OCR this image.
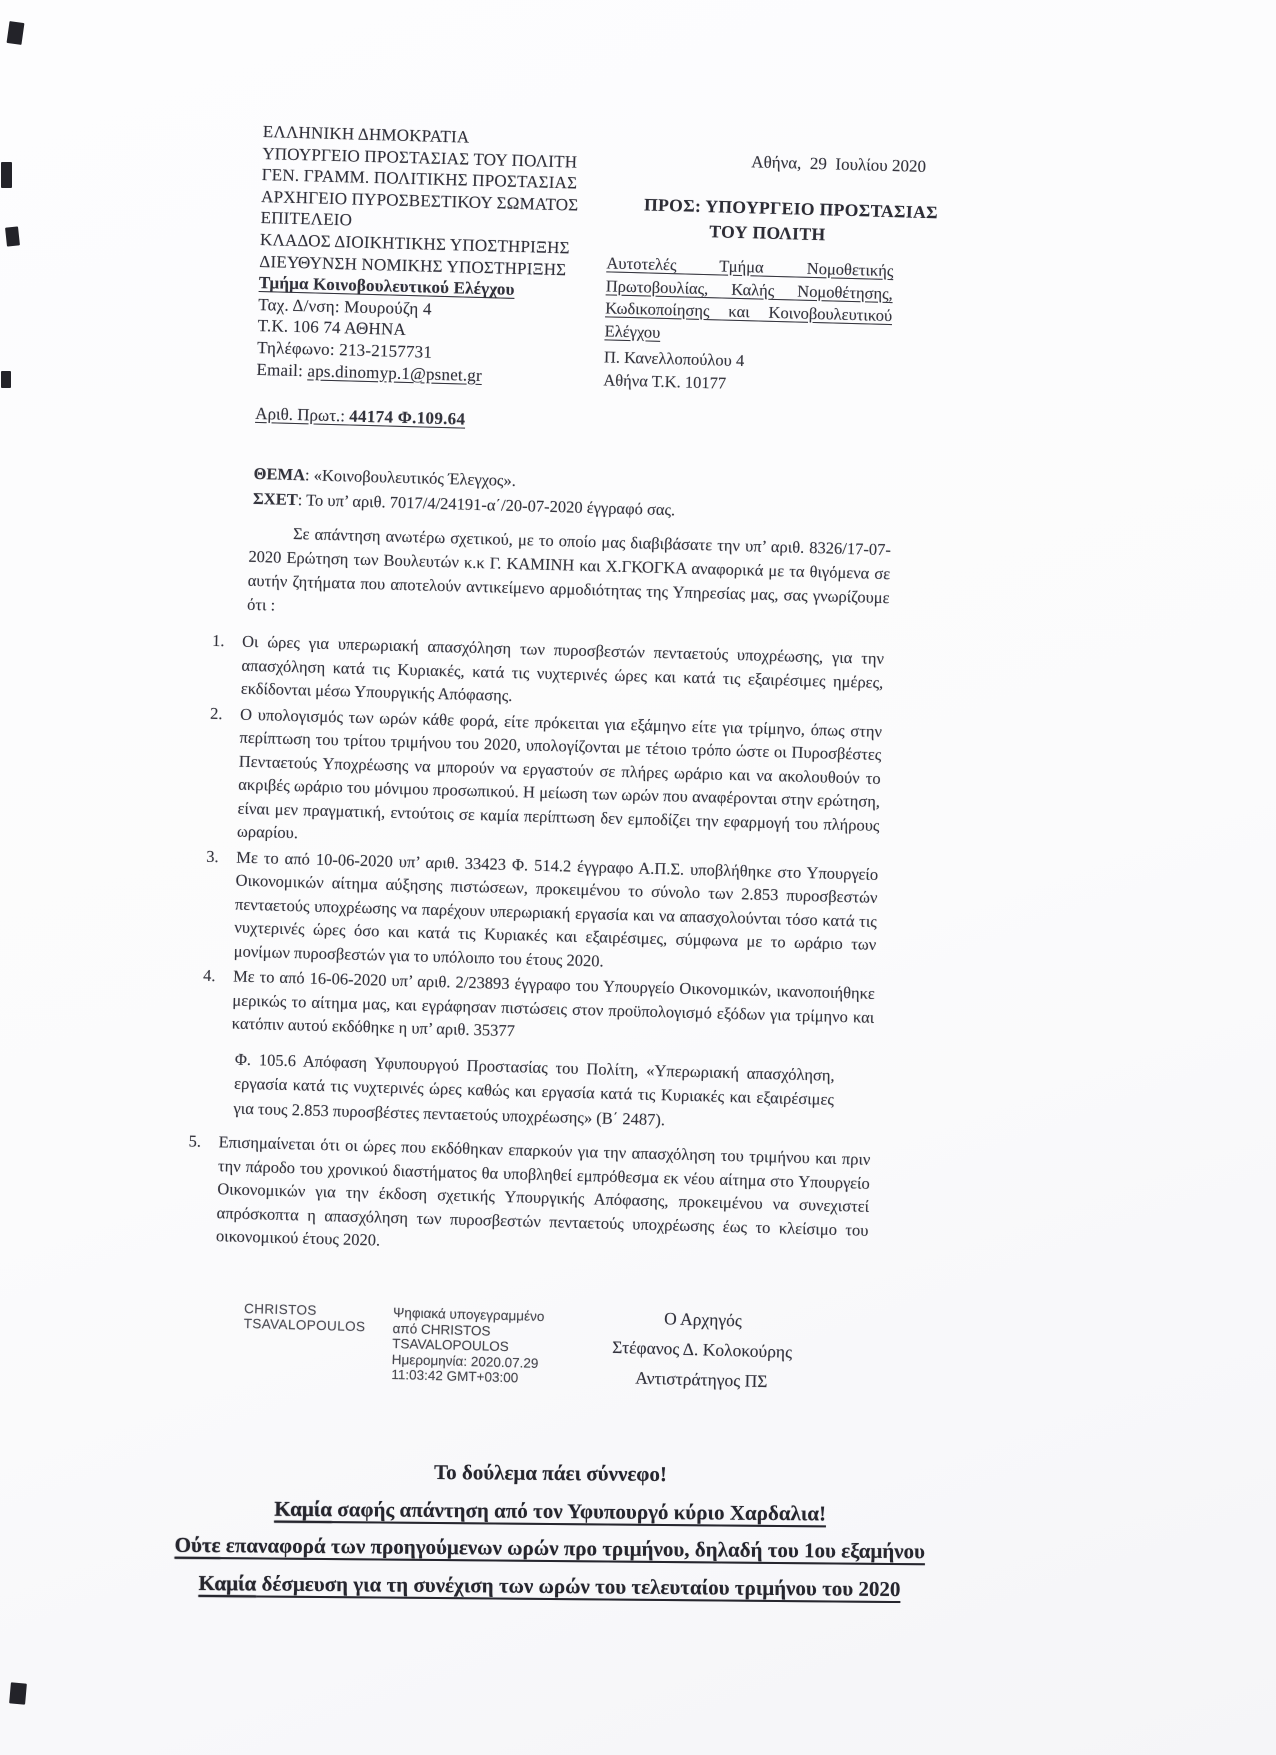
ΕΛΛΗΝΙΚΗ ΔΗΜΟΚΡΑΤΙΑ
ΥΠΟΥΡΓΕΙΟ ΠΡΟΣΤΑΣΙΑΣ ΤΟΥ ΠΟΛΙΤΗ
ΓΕΝ. ΓΡΑΜΜ. ΠΟΛΙΤΙΚΗΣ ΠΡΟΣΤΑΣΙΑΣ
ΑΡΧΗΓΕΙΟ ΠΥΡΟΣΒΕΣΤΙΚΟΥ ΣΩΜΑΤΟΣ
ΕΠΙΤΕΛΕΙΟ
ΚΛΑΔΟΣ ΔΙΟΙΚΗΤΙΚΗΣ ΥΠΟΣΤΗΡΙΞΗΣ
ΔΙΕΥΘΥΝΣΗ ΝΟΜΙΚΗΣ ΥΠΟΣΤΗΡΙΞΗΣ
Τμήμα Κοινοβουλευτικού Ελέγχου
Ταχ. Δ/νση: Μουρούζη 4
Τ.Κ. 106 74 ΑΘΗΝΑ
Τηλέφωνο: 213-2157731
Email: aps.dinomyp.1@psnet.gr
Αριθ. Πρωτ.: 44174 Φ.109.64
Αθήνα,  29  Ιουλίου 2020
ΠΡΟΣ: ΥΠΟΥΡΓΕΙΟ ΠΡΟΣΤΑΣΙΑΣ
ΤΟΥ ΠΟΛΙΤΗ
Αυτοτελές Τμήμα Νομοθετικής Πρωτοβουλίας, Καλής Νομοθέτησης, Κωδικοποίησης και Κοινοβουλευτικού Ελέγχου
Π. Κανελλοπούλου 4
Αθήνα Τ.Κ. 10177
ΘΕΜΑ: «Κοινοβουλευτικός Έλεγχος».
ΣΧΕΤ: Το υπ’ αριθ. 7017/4/24191-α΄/20-07-2020 έγγραφό σας.
Σε απάντηση ανωτέρω σχετικού, με το οποίο μας διαβιβάσατε την υπ’ αριθ. 8326/17-07-2020 Ερώτηση των Βουλευτών κ.κ Γ. ΚΑΜΙΝΗ και Χ.ΓΚΟΓΚΑ αναφορικά με τα θιγόμενα σε αυτήν ζητήματα που αποτελούν αντικείμενο αρμοδιότητας της Υπηρεσίας μας, σας γνωρίζουμε ότι :
1.	Οι ώρες για υπερωριακή απασχόληση των πυροσβεστών πενταετούς υποχρέωσης, για την απασχόληση κατά τις Κυριακές, κατά τις νυχτερινές ώρες και κατά τις εξαιρέσιμες ημέρες, εκδίδονται μέσω Υπουργικής Απόφασης.
2.	Ο υπολογισμός των ωρών κάθε φορά, είτε πρόκειται για εξάμηνο είτε για τρίμηνο, όπως στην περίπτωση του τρίτου τριμήνου του 2020, υπολογίζονται με τέτοιο τρόπο ώστε οι Πυροσβέστες Πενταετούς Υποχρέωσης να μπορούν να εργαστούν σε πλήρες ωράριο και να ακολουθούν το ακριβές ωράριο του μόνιμου προσωπικού. Η μείωση των ωρών που αναφέρονται στην ερώτηση, είναι μεν πραγματική, εντούτοις σε καμία περίπτωση δεν εμποδίζει την εφαρμογή του πλήρους ωραρίου.
3.	Με το από 10-06-2020 υπ’ αριθ. 33423 Φ. 514.2 έγγραφο Α.Π.Σ. υποβλήθηκε στο Υπουργείο Οικονομικών αίτημα αύξησης πιστώσεων, προκειμένου το σύνολο των 2.853 πυροσβεστών πενταετούς υποχρέωσης να παρέχουν υπερωριακή εργασία και να απασχολούνται τόσο κατά τις νυχτερινές ώρες όσο και κατά τις Κυριακές και εξαιρέσιμες, σύμφωνα με το ωράριο των μονίμων πυροσβεστών για το υπόλοιπο του έτους 2020.
4.	Με το από 16-06-2020 υπ’ αριθ. 2/23893 έγγραφο του Υπουργείο Οικονομικών, ικανοποιήθηκε μερικώς το αίτημα μας, και εγράφησαν πιστώσεις στον προϋπολογισμό εξόδων για τρίμηνο και κατόπιν αυτού εκδόθηκε η υπ’ αριθ. 35377
Φ. 105.6 Απόφαση Υφυπουργού Προστασίας του Πολίτη, «Υπερωριακή απασχόληση, εργασία κατά τις νυχτερινές ώρες καθώς και εργασία κατά τις Κυριακές και εξαιρέσιμες για τους 2.853 πυροσβέστες πενταετούς υποχρέωσης» (Β΄ 2487).
5.	Επισημαίνεται ότι οι ώρες που εκδόθηκαν επαρκούν για την απασχόληση του τριμήνου και πριν την πάροδο του χρονικού διαστήματος θα υποβληθεί εμπρόθεσμα εκ νέου αίτημα στο Υπουργείο Οικονομικών για την έκδοση σχετικής Υπουργικής Απόφασης, προκειμένου να συνεχιστεί απρόσκοπτα η απασχόληση των πυροσβεστών πενταετούς υποχρέωσης έως το κλείσιμο του οικονομικού έτους 2020.
CHRISTOS
TSAVALOPOULOS
Ψηφιακά υπογεγραμμένο
από CHRISTOS
TSAVALOPOULOS
Ημερομηνία: 2020.07.29
11:03:42 GMT+03:00
Ο Αρχηγός
Στέφανος Δ. Κολοκούρης
Αντιστράτηγος ΠΣ
Το δούλεμα πάει σύννεφο!
Καμία σαφής απάντηση από τον Υφυπουργό κύριο Χαρδαλια!
Ούτε επαναφορά των προηγούμενων ωρών προ τριμήνου, δηλαδή του 1ου εξαμήνου
Καμία δέσμευση για τη συνέχιση των ωρών του τελευταίου τριμήνου του 2020
